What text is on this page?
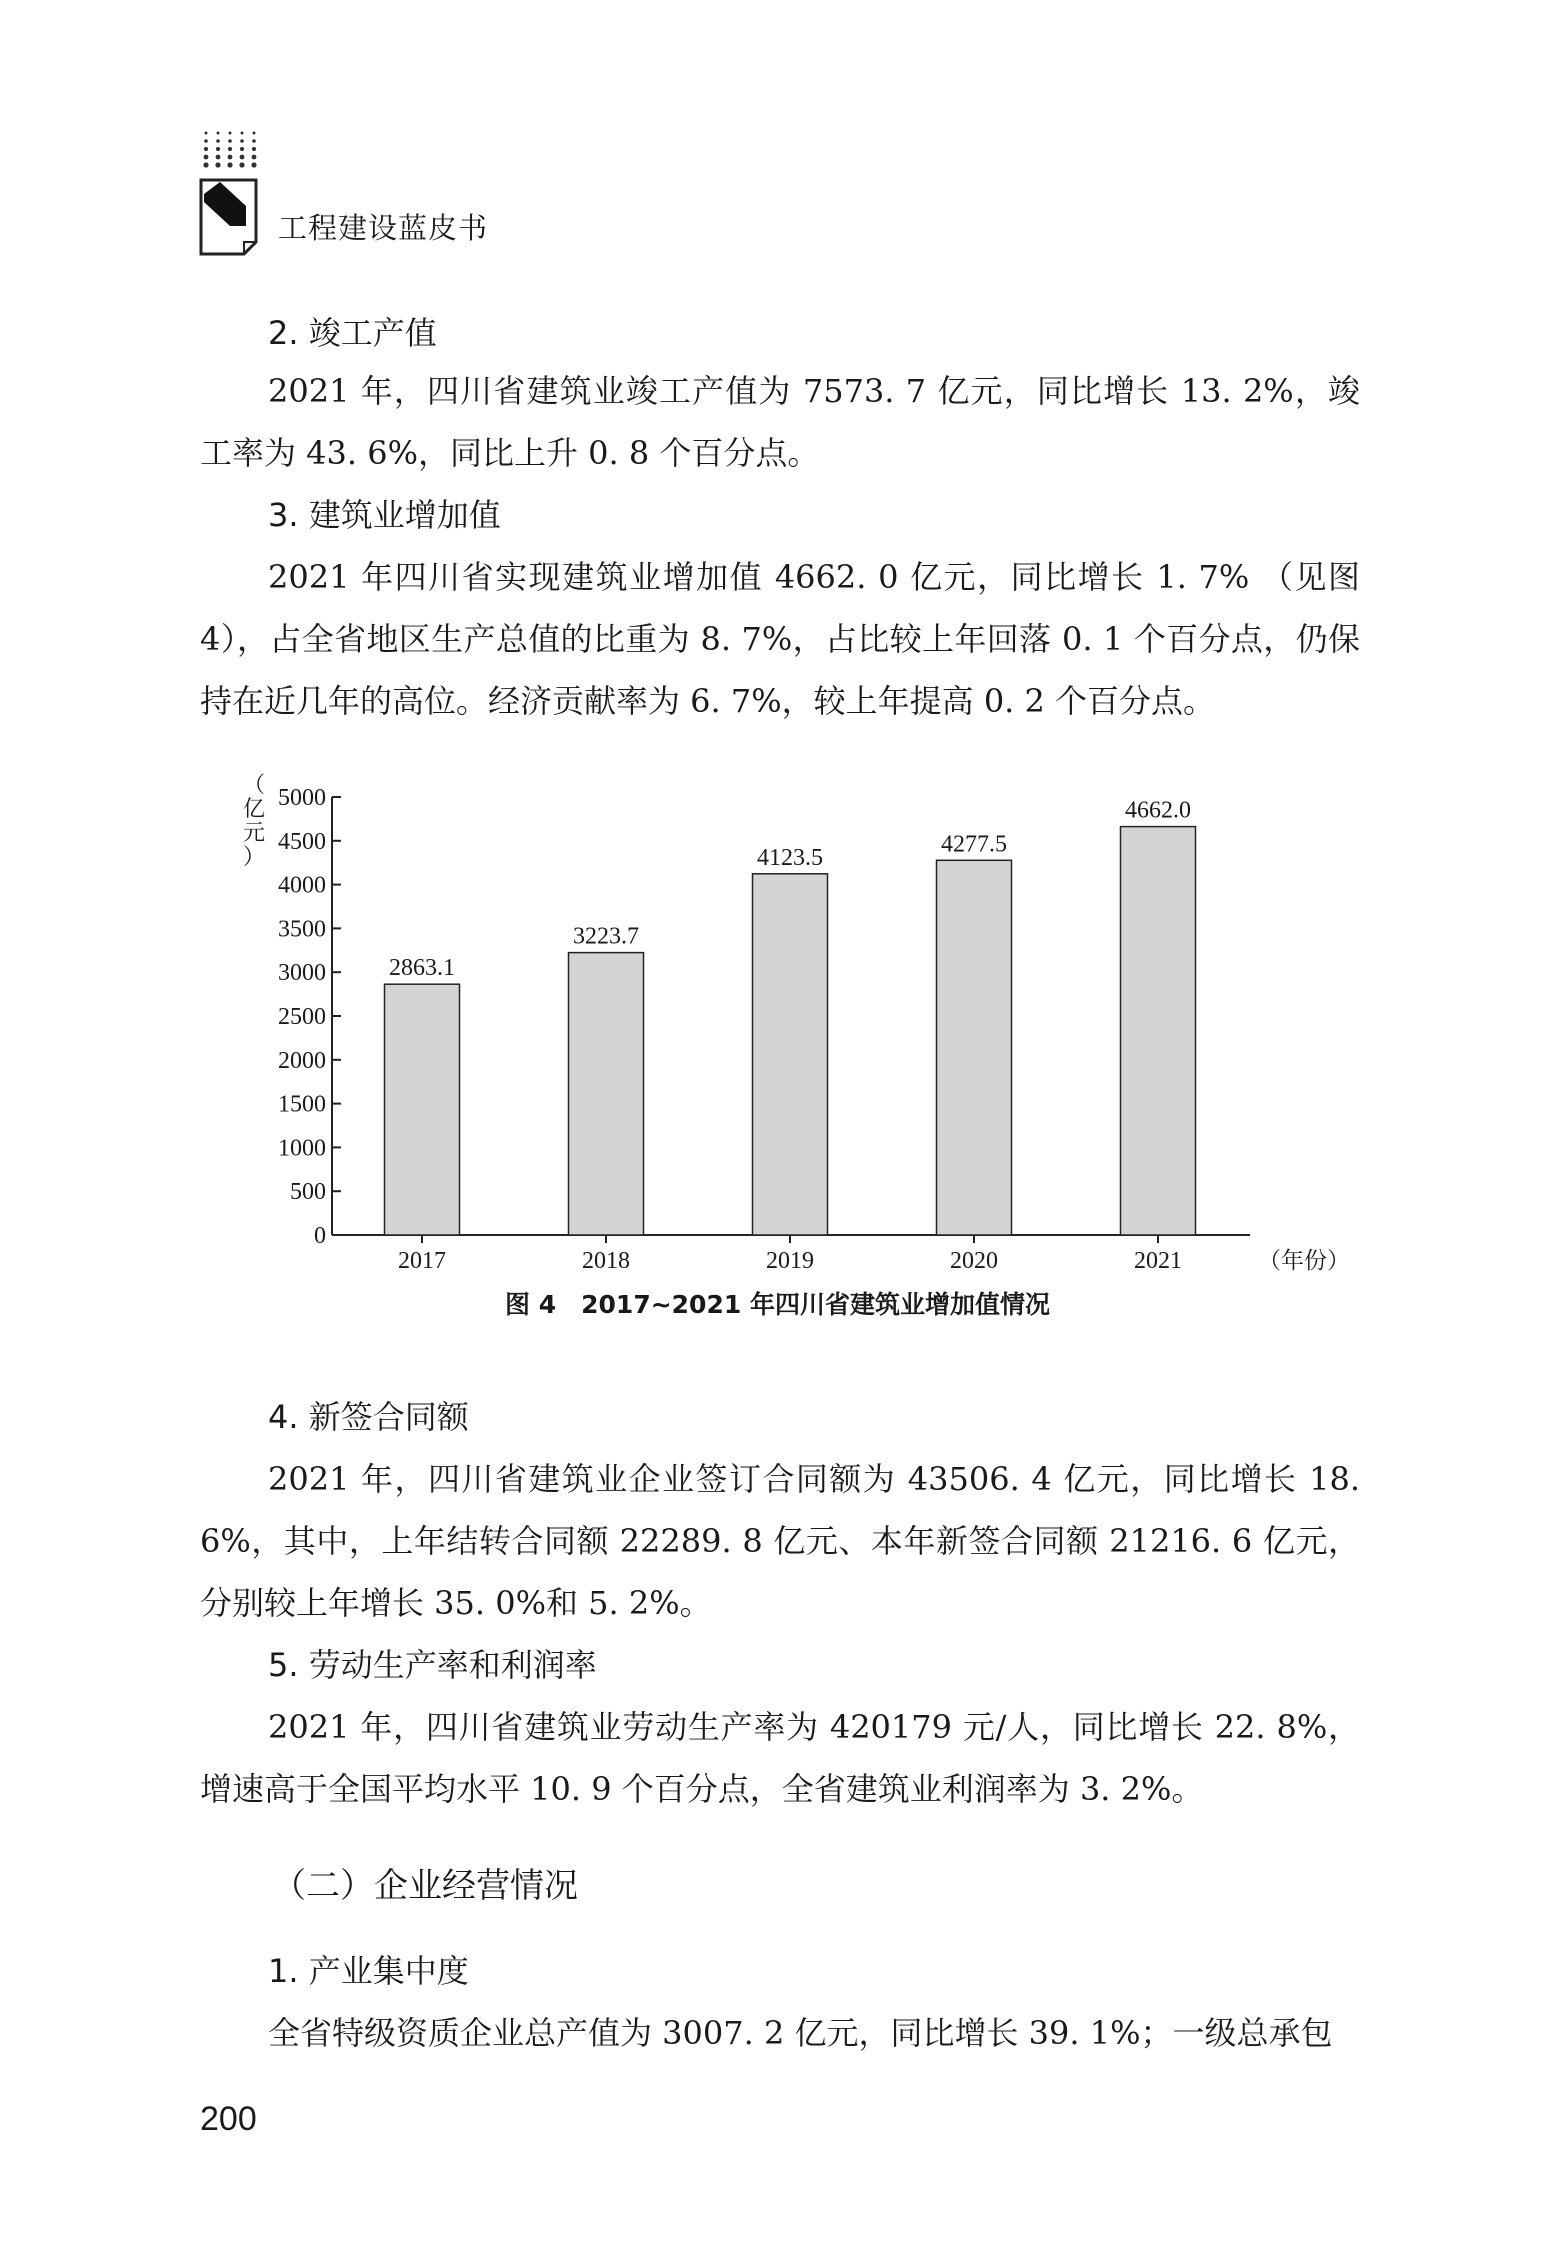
工程建设蓝皮书
2. 竣工产值
2021 年，四川省建筑业竣工产值为 7573. 7 亿元，同比增长 13. 2%，竣工率为 43. 6%，同比上升 0. 8 个百分点。
3. 建筑业增加值
2021 年四川省实现建筑业增加值 4662. 0 亿元，同比增长 1. 7% （见图 4），占全省地区生产总值的比重为 8. 7%，占比较上年回落 0. 1 个百分点，仍保持在近几年的高位。经济贡献率为 6. 7%，较上年提高 0. 2 个百分点。
0
500
1000
1500
2000
2500
3000
3500
4000
4500
5000
（
亿
元
）
2863.1
2017
3223.7
2018
4123.5
2019
4277.5
2020
4662.0
2021	（年份）
图 4　2017~2021 年四川省建筑业增加值情况
4. 新签合同额
2021 年，四川省建筑业企业签订合同额为 43506. 4 亿元，同比增长 18. 6%，其中，上年结转合同额 22289. 8 亿元、本年新签合同额 21216. 6 亿元，分别较上年增长 35. 0%和 5. 2%。
5. 劳动生产率和利润率
2021 年，四川省建筑业劳动生产率为 420179 元/人，同比增长 22. 8%，增速高于全国平均水平 10. 9 个百分点，全省建筑业利润率为 3. 2%。
（二）企业经营情况
1. 产业集中度
全省特级资质企业总产值为 3007. 2 亿元，同比增长 39. 1%；一级总承包
200
